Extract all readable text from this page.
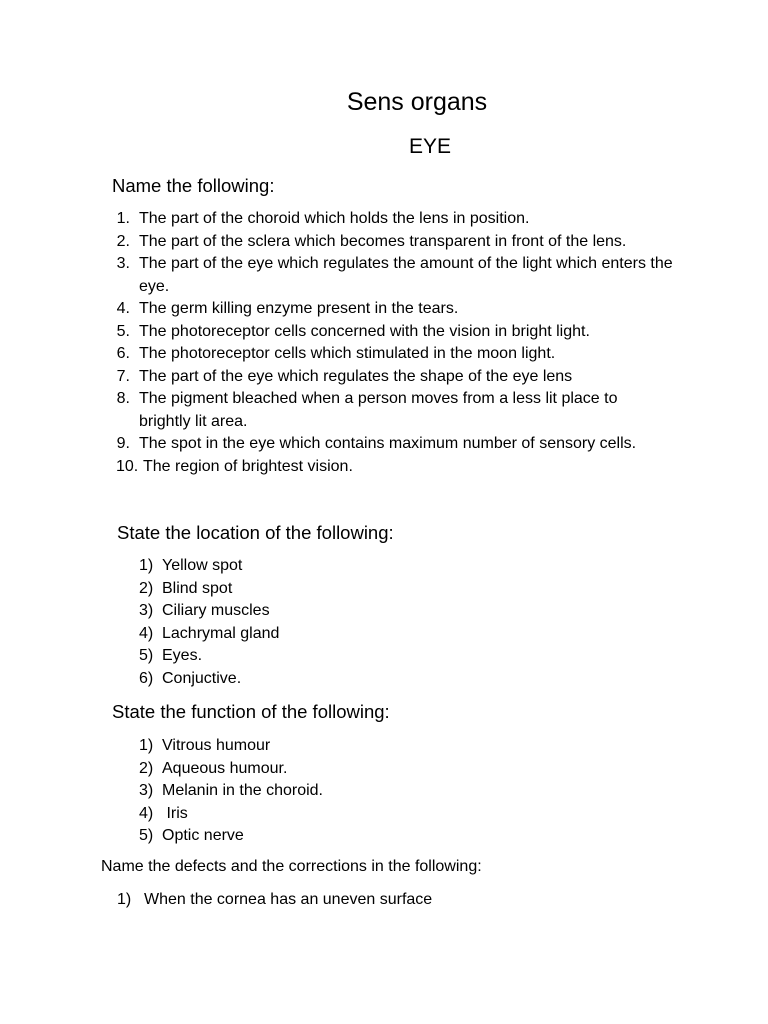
Sens organs
EYE
Name the following:
1. The part of the choroid which holds the lens in position.
2. The part of the sclera which becomes transparent in front of the lens.
3. The part of the eye which regulates the amount of the light which enters the eye.
4. The germ killing enzyme present in the tears.
5. The photoreceptor cells concerned with the vision in bright light.
6. The photoreceptor cells which stimulated in the moon light.
7. The part of the eye which regulates the shape of the eye lens
8. The pigment bleached when a person moves from a less lit place to brightly lit area.
9. The spot in the eye which contains maximum number of sensory cells.
10. The region of brightest vision.
State the location of the following:
1) Yellow spot
2) Blind spot
3) Ciliary muscles
4) Lachrymal gland
5) Eyes.
6) Conjuctive.
State the function of the following:
1) Vitrous humour
2) Aqueous humour.
3) Melanin in the choroid.
4) Iris
5) Optic nerve
Name the defects and the corrections in the following:
1) When the cornea has an uneven surface
